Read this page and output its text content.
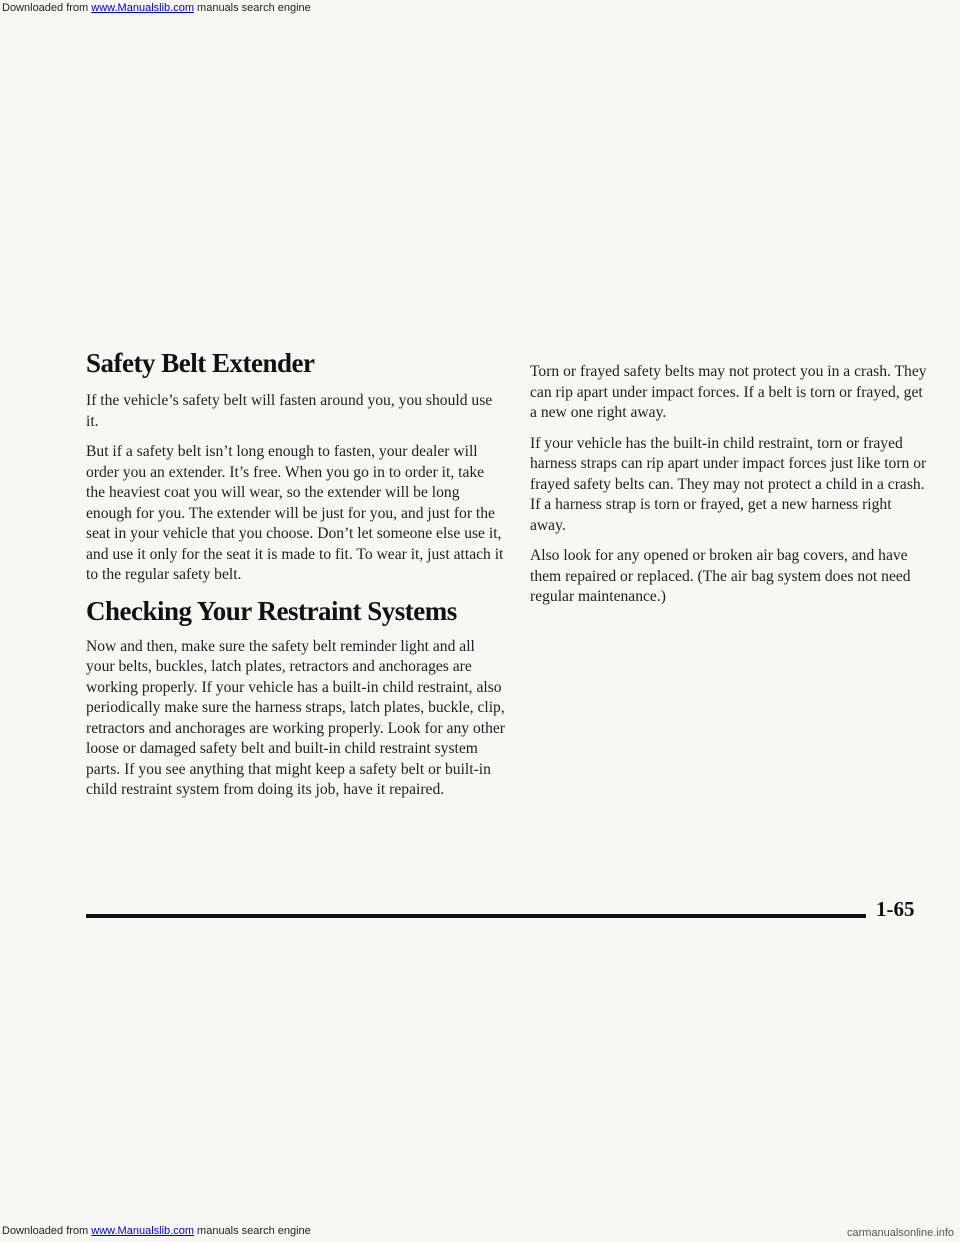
Downloaded from www.Manualslib.com manuals search engine
Safety Belt Extender

If the vehicle’s safety belt will fasten around you, you should use it.

But if a safety belt isn’t long enough to fasten, your dealer will order you an extender. It’s free. When you go in to order it, take the heaviest coat you will wear, so the extender will be long enough for you. The extender will be just for you, and just for the seat in your vehicle that you choose. Don’t let someone else use it, and use it only for the seat it is made to fit. To wear it, just attach it to the regular safety belt.

Checking Your Restraint Systems

Now and then, make sure the safety belt reminder light and all your belts, buckles, latch plates, retractors and anchorages are working properly. If your vehicle has a built-in child restraint, also periodically make sure the harness straps, latch plates, buckle, clip, retractors and anchorages are working properly. Look for any other loose or damaged safety belt and built-in child restraint system parts. If you see anything that might keep a safety belt or built-in child restraint system from doing its job, have it repaired.

Torn or frayed safety belts may not protect you in a crash. They can rip apart under impact forces. If a belt is torn or frayed, get a new one right away.

If your vehicle has the built-in child restraint, torn or frayed harness straps can rip apart under impact forces just like torn or frayed safety belts can. They may not protect a child in a crash. If a harness strap is torn or frayed, get a new harness right away.

Also look for any opened or broken air bag covers, and have them repaired or replaced. (The air bag system does not need regular maintenance.)

1-65
Downloaded from www.Manualslib.com manuals search engine	carmanualsonline.info
